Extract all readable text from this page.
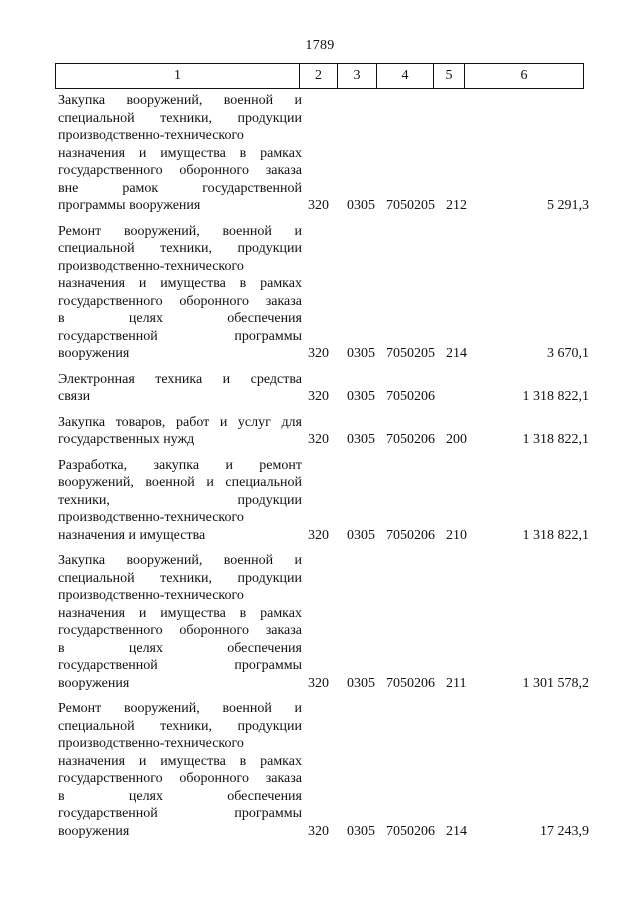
1789
1	2	3	4	5	6
Закупка вооружений, военной и
специальной техники, продукции
производственно-технического
назначения и имущества в рамках
государственного оборонного заказа
вне рамок государственной
программы вооружения	320 0305 7050205 212	5 291,3
Ремонт вооружений, военной и
специальной техники, продукции
производственно-технического
назначения и имущества в рамках
государственного оборонного заказа
в целях обеспечения
государственной программы
вооружения	320 0305 7050205 214	3 670,1
Электронная техника и средства
связи	320 0305 7050206	1 318 822,1
Закупка товаров, работ и услуг для
государственных нужд	320 0305 7050206 200	1 318 822,1
Разработка, закупка и ремонт
вооружений, военной и специальной
техники, продукции
производственно-технического
назначения и имущества	320 0305 7050206 210	1 318 822,1
Закупка вооружений, военной и
специальной техники, продукции
производственно-технического
назначения и имущества в рамках
государственного оборонного заказа
в целях обеспечения
государственной программы
вооружения	320 0305 7050206 211	1 301 578,2
Ремонт вооружений, военной и
специальной техники, продукции
производственно-технического
назначения и имущества в рамках
государственного оборонного заказа
в целях обеспечения
государственной программы
вооружения	320 0305 7050206 214	17 243,9
